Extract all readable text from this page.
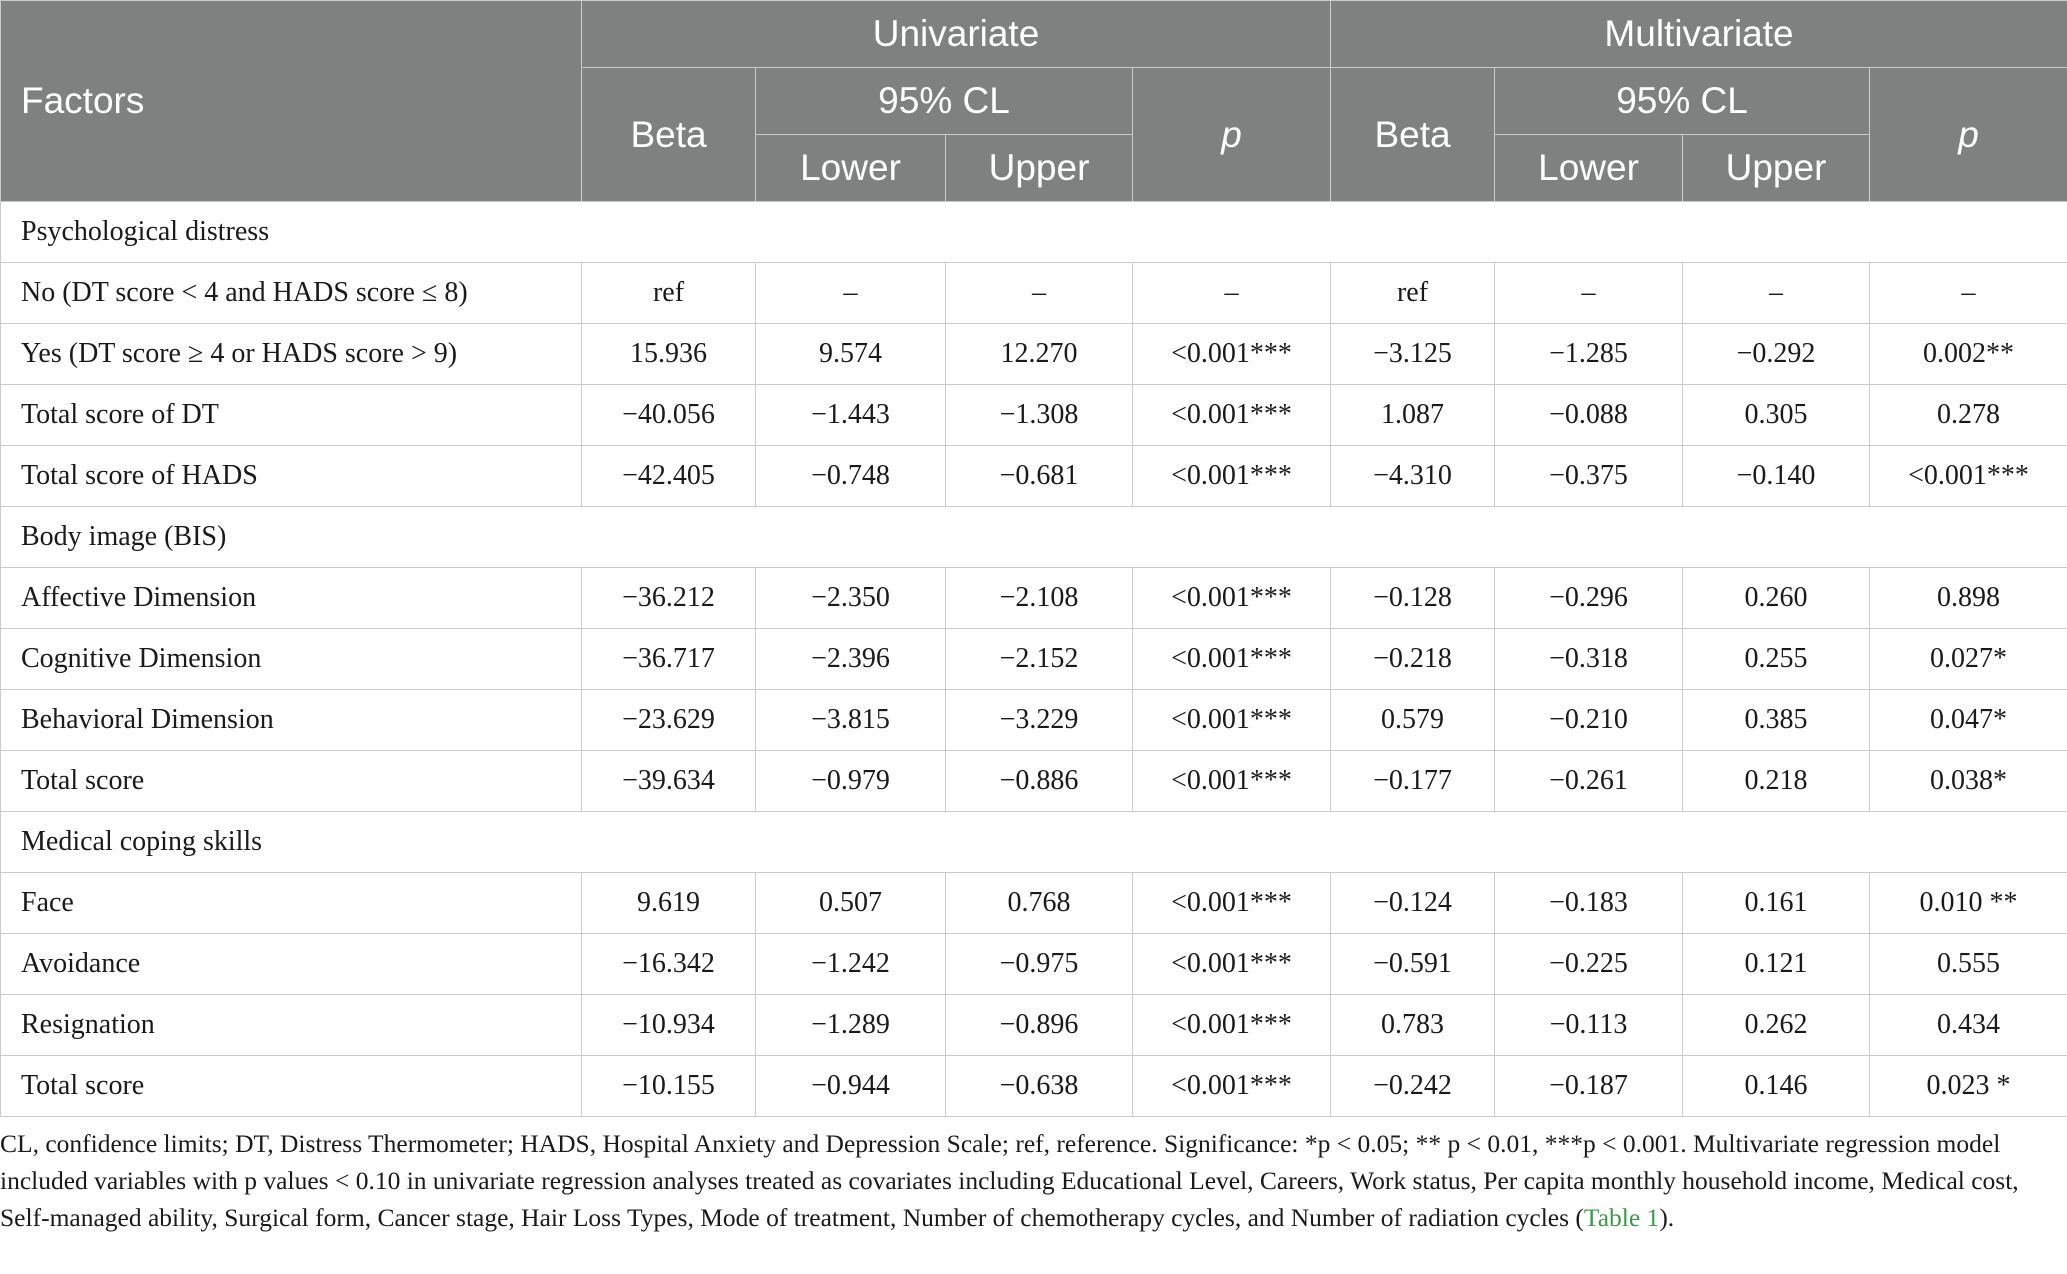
Factors	Univariate				Multivariate			
	Beta	95% CL		p	Beta	95% CL		p
		Lower	Upper			Lower	Upper	
Psychological distress								
No (DT score < 4 and HADS score ≤ 8)	ref	–	–	–	ref	–	–	–
Yes (DT score ≥ 4 or HADS score > 9)	15.936	9.574	12.270	<0.001***	−3.125	−1.285	−0.292	0.002**
Total score of DT	−40.056	−1.443	−1.308	<0.001***	1.087	−0.088	0.305	0.278
Total score of HADS	−42.405	−0.748	−0.681	<0.001***	−4.310	−0.375	−0.140	<0.001***
Body image (BIS)								
Affective Dimension	−36.212	−2.350	−2.108	<0.001***	−0.128	−0.296	0.260	0.898
Cognitive Dimension	−36.717	−2.396	−2.152	<0.001***	−0.218	−0.318	0.255	0.027*
Behavioral Dimension	−23.629	−3.815	−3.229	<0.001***	0.579	−0.210	0.385	0.047*
Total score	−39.634	−0.979	−0.886	<0.001***	−0.177	−0.261	0.218	0.038*
Medical coping skills								
Face	9.619	0.507	0.768	<0.001***	−0.124	−0.183	0.161	0.010 **
Avoidance	−16.342	−1.242	−0.975	<0.001***	−0.591	−0.225	0.121	0.555
Resignation	−10.934	−1.289	−0.896	<0.001***	0.783	−0.113	0.262	0.434
Total score	−10.155	−0.944	−0.638	<0.001***	−0.242	−0.187	0.146	0.023 *

CL, confidence limits; DT, Distress Thermometer; HADS, Hospital Anxiety and Depression Scale; ref, reference. Significance: *p < 0.05; ** p < 0.01, ***p < 0.001. Multivariate regression model included variables with p values < 0.10 in univariate regression analyses treated as covariates including Educational Level, Careers, Work status, Per capita monthly household income, Medical cost, Self-managed ability, Surgical form, Cancer stage, Hair Loss Types, Mode of treatment, Number of chemotherapy cycles, and Number of radiation cycles (Table 1).
